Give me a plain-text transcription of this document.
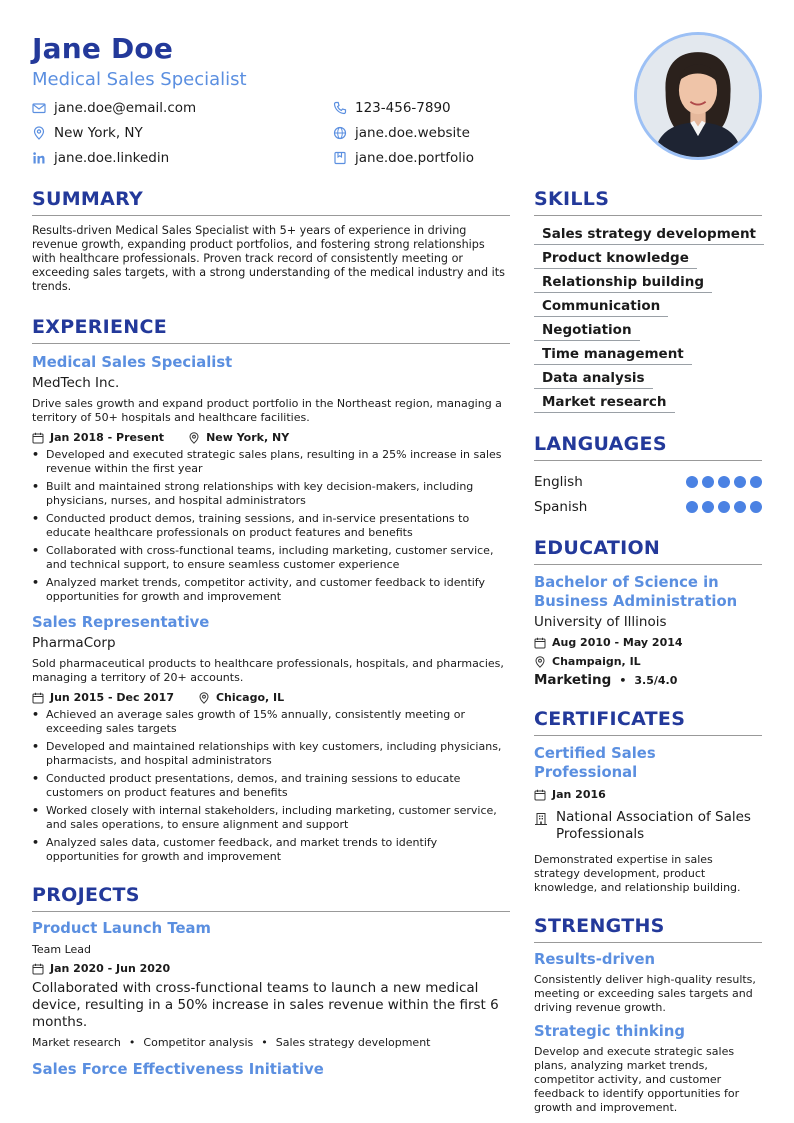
Jane Doe
Medical Sales Specialist
jane.doe@email.com	123-456-7890
New York, NY	jane.doe.website
jane.doe.linkedin	jane.doe.portfolio
SUMMARY
Results-driven Medical Sales Specialist with 5+ years of experience in driving revenue growth, expanding product portfolios, and fostering strong relationships with healthcare professionals. Proven track record of consistently meeting or exceeding sales targets, with a strong understanding of the medical industry and its trends.
EXPERIENCE
Medical Sales Specialist
MedTech Inc.
Drive sales growth and expand product portfolio in the Northeast region, managing a territory of 50+ hospitals and healthcare facilities.
Jan 2018 - Present	New York, NY
• Developed and executed strategic sales plans, resulting in a 25% increase in sales revenue within the first year
• Built and maintained strong relationships with key decision-makers, including physicians, nurses, and hospital administrators
• Conducted product demos, training sessions, and in-service presentations to educate healthcare professionals on product features and benefits
• Collaborated with cross-functional teams, including marketing, customer service, and technical support, to ensure seamless customer experience
• Analyzed market trends, competitor activity, and customer feedback to identify opportunities for growth and improvement
Sales Representative
PharmaCorp
Sold pharmaceutical products to healthcare professionals, hospitals, and pharmacies, managing a territory of 20+ accounts.
Jun 2015 - Dec 2017	Chicago, IL
• Achieved an average sales growth of 15% annually, consistently meeting or exceeding sales targets
• Developed and maintained relationships with key customers, including physicians, pharmacists, and hospital administrators
• Conducted product presentations, demos, and training sessions to educate customers on product features and benefits
• Worked closely with internal stakeholders, including marketing, customer service, and sales operations, to ensure alignment and support
• Analyzed sales data, customer feedback, and market trends to identify opportunities for growth and improvement
PROJECTS
Product Launch Team
Team Lead
Jan 2020 - Jun 2020
Collaborated with cross-functional teams to launch a new medical device, resulting in a 50% increase in sales revenue within the first 6 months.
Market research • Competitor analysis • Sales strategy development
Sales Force Effectiveness Initiative
SKILLS
Sales strategy development
Product knowledge
Relationship building
Communication
Negotiation
Time management
Data analysis
Market research
LANGUAGES
English
Spanish
EDUCATION
Bachelor of Science in Business Administration
University of Illinois
Aug 2010 - May 2014
Champaign, IL
Marketing • 3.5/4.0
CERTIFICATES
Certified Sales Professional
Jan 2016
National Association of Sales Professionals
Demonstrated expertise in sales strategy development, product knowledge, and relationship building.
STRENGTHS
Results-driven
Consistently deliver high-quality results, meeting or exceeding sales targets and driving revenue growth.
Strategic thinking
Develop and execute strategic sales plans, analyzing market trends, competitor activity, and customer feedback to identify opportunities for growth and improvement.
